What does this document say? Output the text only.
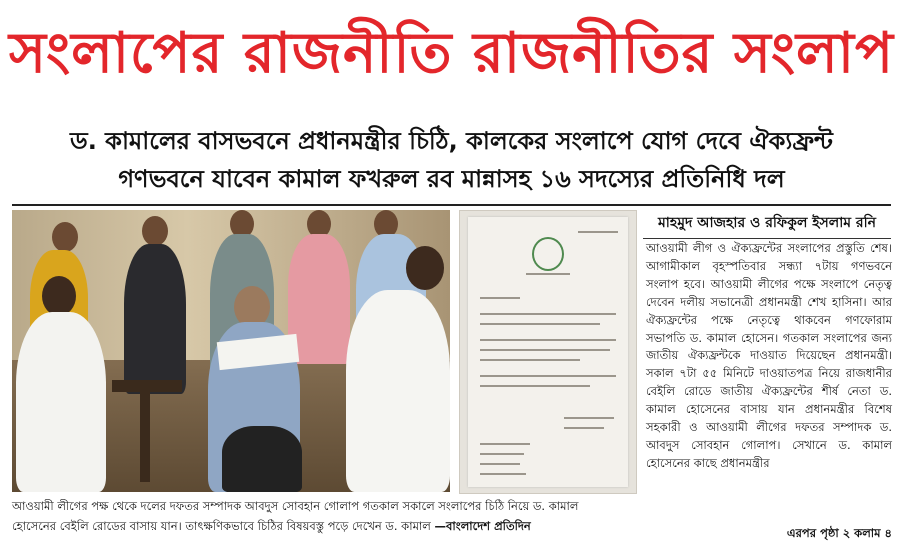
সংলাপের রাজনীতি রাজনীতির সংলাপ
ড. কামালের বাসভবনে প্রধানমন্ত্রীর চিঠি, কালকের সংলাপে যোগ দেবে ঐক্যফ্রন্ট
গণভবনে যাবেন কামাল ফখরুল রব মান্নাসহ ১৬ সদস্যের প্রতিনিধি দল
আওয়ামী লীগের পক্ষ থেকে দলের দফতর সম্পাদক আবদুস সোবহান গোলাপ গতকাল সকালে সংলাপের চিঠি নিয়ে ড. কামাল
হোসেনের বেইলি রোডের বাসায় যান। তাৎক্ষণিকভাবে চিঠির বিষয়বস্তু পড়ে দেখেন ড. কামাল —বাংলাদেশ প্রতিদিন
মাহমুদ আজহার ও রফিকুল ইসলাম রনি

আওয়ামী লীগ ও ঐক্যফ্রন্টের সংলাপের প্রস্তুতি শেষ। আগামীকাল বৃহস্পতিবার সন্ধ্যা ৭টায় গণভবনে সংলাপ হবে। আওয়ামী লীগের পক্ষে সংলাপে নেতৃত্ব দেবেন দলীয় সভানেত্রী প্রধানমন্ত্রী শেখ হাসিনা। আর ঐক্যফ্রন্টের পক্ষে নেতৃত্বে থাকবেন গণফোরাম সভাপতি ড. কামাল হোসেন। গতকাল সংলাপের জন্য জাতীয় ঐক্যফ্রন্টকে দাওয়াত দিয়েছেন প্রধানমন্ত্রী। সকাল ৭টা ৫৫ মিনিটে দাওয়াতপত্র নিয়ে রাজধানীর বেইলি রোডে জাতীয় ঐক্যফ্রন্টের শীর্ষ নেতা ড. কামাল হোসেনের বাসায় যান প্রধানমন্ত্রীর বিশেষ সহকারী ও আওয়ামী লীগের দফতর সম্পাদক ড. আবদুস সোবহান গোলাপ। সেখানে ড. কামাল হোসেনের কাছে প্রধানমন্ত্রীর

এরপর পৃষ্ঠা ২ কলাম ৪
